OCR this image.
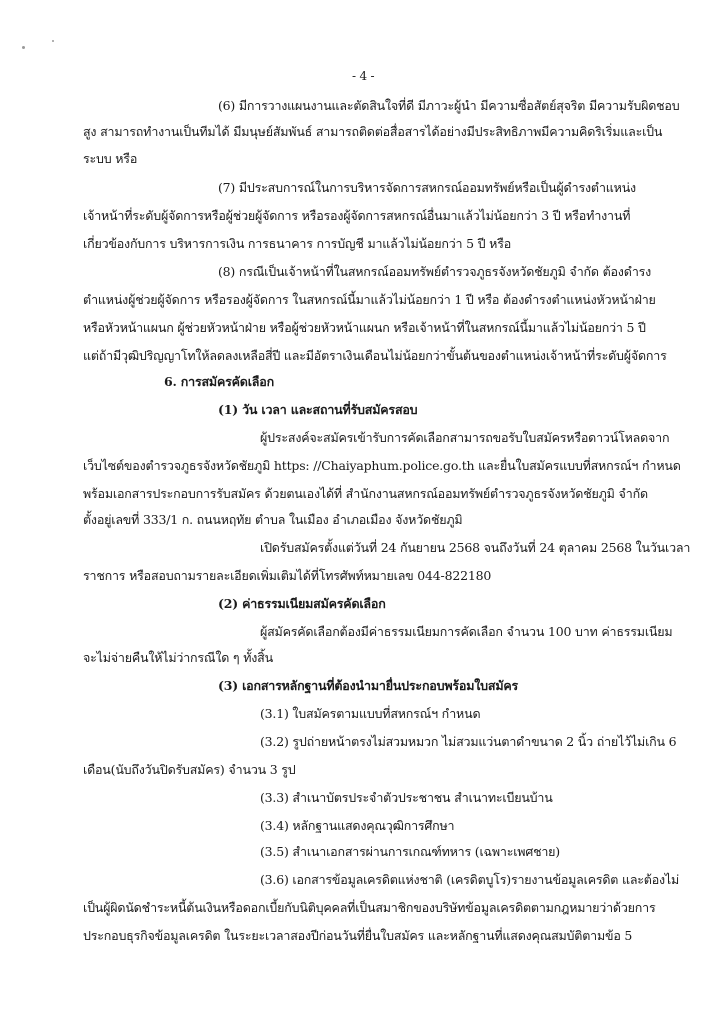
- 4 -
(6) มีการวางแผนงานและตัดสินใจที่ดี มีภาวะผู้นำ มีความซื่อสัตย์สุจริต มีความรับผิดชอบ
สูง สามารถทำงานเป็นทีมได้ มีมนุษย์สัมพันธ์ สามารถติดต่อสื่อสารได้อย่างมีประสิทธิภาพมีความคิดริเริ่มและเป็น
ระบบ หรือ
(7) มีประสบการณ์ในการบริหารจัดการสหกรณ์ออมทรัพย์หรือเป็นผู้ดำรงตำแหน่ง
เจ้าหน้าที่ระดับผู้จัดการหรือผู้ช่วยผู้จัดการ หรือรองผู้จัดการสหกรณ์อื่นมาแล้วไม่น้อยกว่า 3 ปี หรือทำงานที่
เกี่ยวข้องกับการ บริหารการเงิน การธนาคาร การบัญชี มาแล้วไม่น้อยกว่า 5 ปี หรือ
(8) กรณีเป็นเจ้าหน้าที่ในสหกรณ์ออมทรัพย์ตำรวจภูธรจังหวัดชัยภูมิ จำกัด ต้องดำรง
ตำแหน่งผู้ช่วยผู้จัดการ หรือรองผู้จัดการ ในสหกรณ์นี้มาแล้วไม่น้อยกว่า 1 ปี หรือ ต้องดำรงตำแหน่งหัวหน้าฝ่าย
หรือหัวหน้าแผนก ผู้ช่วยหัวหน้าฝ่าย หรือผู้ช่วยหัวหน้าแผนก หรือเจ้าหน้าที่ในสหกรณ์นี้มาแล้วไม่น้อยกว่า 5 ปี
แต่ถ้ามีวุฒิปริญญาโทให้ลดลงเหลือสี่ปี และมีอัตราเงินเดือนไม่น้อยกว่าขั้นต้นของตำแหน่งเจ้าหน้าที่ระดับผู้จัดการ
6. การสมัครคัดเลือก
(1) วัน เวลา และสถานที่รับสมัครสอบ
ผู้ประสงค์จะสมัครเข้ารับการคัดเลือกสามารถขอรับใบสมัครหรือดาวน์โหลดจาก
เว็บไซต์ของตำรวจภูธรจังหวัดชัยภูมิ https: //Chaiyaphum.police.go.th และยื่นใบสมัครแบบที่สหกรณ์ฯ กำหนด
พร้อมเอกสารประกอบการรับสมัคร ด้วยตนเองได้ที่ สำนักงานสหกรณ์ออมทรัพย์ตำรวจภูธรจังหวัดชัยภูมิ จำกัด
ตั้งอยู่เลขที่ 333/1 ก. ถนนหฤทัย ตำบล ในเมือง อำเภอเมือง จังหวัดชัยภูมิ
เปิดรับสมัครตั้งแต่วันที่ 24 กันยายน 2568 จนถึงวันที่ 24 ตุลาคม 2568 ในวันเวลา
ราชการ หรือสอบถามรายละเอียดเพิ่มเติมได้ที่โทรศัพท์หมายเลข 044-822180
(2) ค่าธรรมเนียมสมัครคัดเลือก
ผู้สมัครคัดเลือกต้องมีค่าธรรมเนียมการคัดเลือก จำนวน 100 บาท ค่าธรรมเนียม
จะไม่จ่ายคืนให้ไม่ว่ากรณีใด ๆ ทั้งสิ้น
(3) เอกสารหลักฐานที่ต้องนำมายื่นประกอบพร้อมใบสมัคร
(3.1) ใบสมัครตามแบบที่สหกรณ์ฯ กำหนด
(3.2) รูปถ่ายหน้าตรงไม่สวมหมวก ไม่สวมแว่นตาดำขนาด 2 นิ้ว ถ่ายไว้ไม่เกิน 6
เดือน(นับถึงวันปิดรับสมัคร) จำนวน 3 รูป
(3.3) สำเนาบัตรประจำตัวประชาชน สำเนาทะเบียนบ้าน
(3.4) หลักฐานแสดงคุณวุฒิการศึกษา
(3.5) สำเนาเอกสารผ่านการเกณฑ์ทหาร (เฉพาะเพศชาย)
(3.6) เอกสารข้อมูลเครดิตแห่งชาติ (เครดิตบูโร)รายงานข้อมูลเครดิต และต้องไม่
เป็นผู้ผิดนัดชำระหนี้ต้นเงินหรือดอกเบี้ยกับนิติบุคคลที่เป็นสมาชิกของบริษัทข้อมูลเครดิตตามกฎหมายว่าด้วยการ
ประกอบธุรกิจข้อมูลเครดิต ในระยะเวลาสองปีก่อนวันที่ยื่นใบสมัคร และหลักฐานที่แสดงคุณสมบัติตามข้อ 5
